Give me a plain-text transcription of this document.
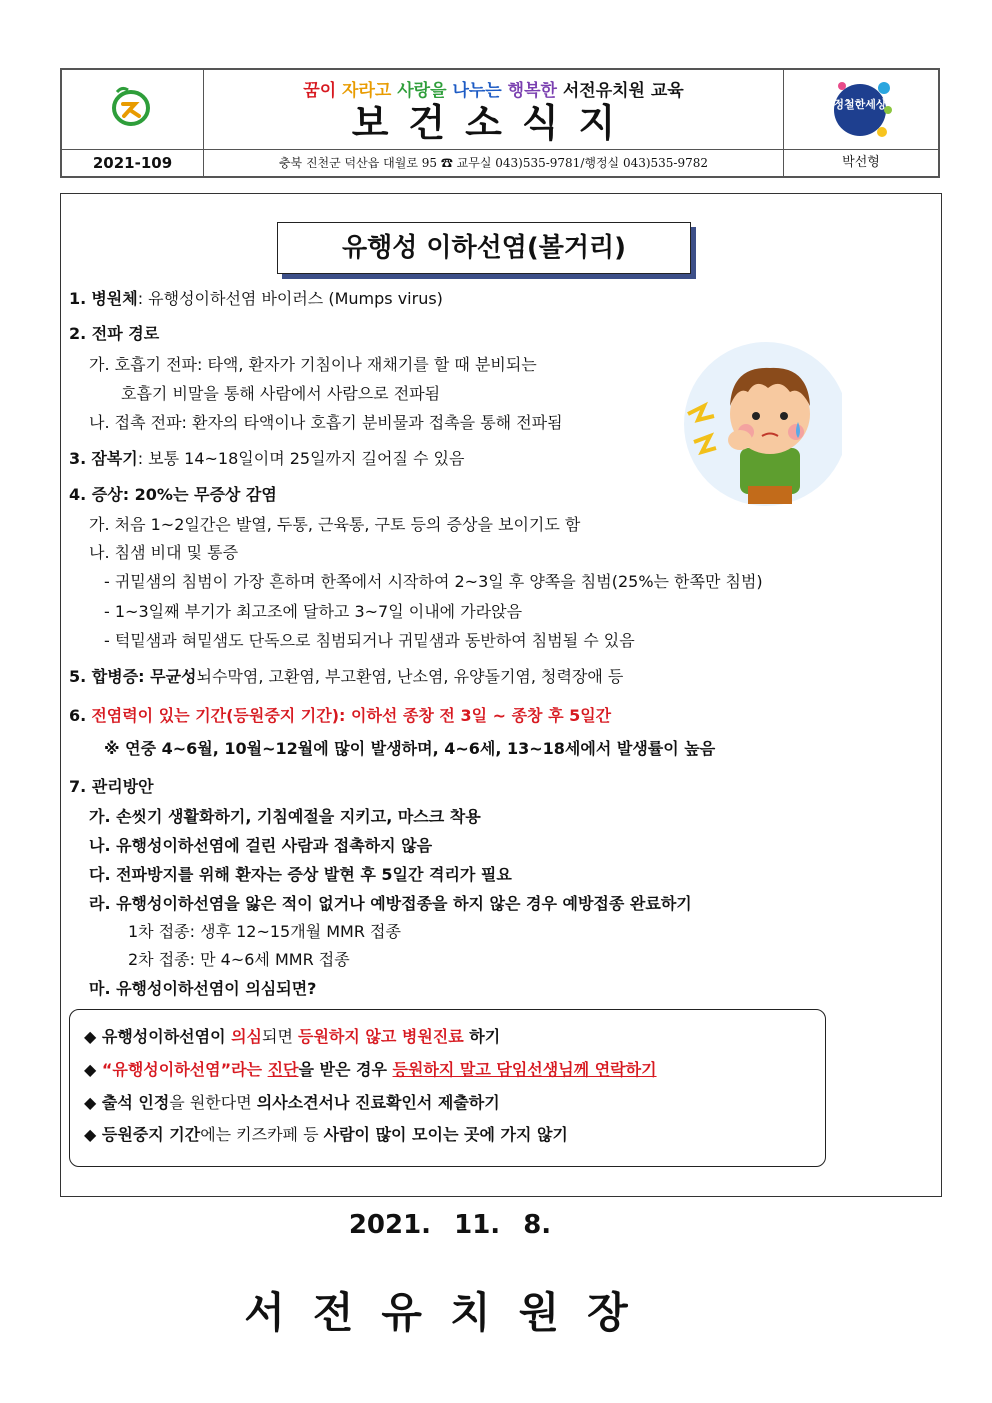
꿈이 자라고 사랑을 나누는 행복한 서전유치원 교육
보건소식지	정철한세상
2021-109	충북 진천군 덕산읍 대월로 95 ☎ 교무실 043)535-9781/행정실 043)535-9782	박선형
유행성 이하선염(볼거리)
1. 병원체: 유행성이하선염 바이러스 (Mumps virus)
2. 전파 경로
가. 호흡기 전파: 타액, 환자가 기침이나 재채기를 할 때 분비되는
호흡기 비말을 통해 사람에서 사람으로 전파됨
나. 접촉 전파: 환자의 타액이나 호흡기 분비물과 접촉을 통해 전파됨
3. 잠복기: 보통 14~18일이며 25일까지 길어질 수 있음
4. 증상: 20%는 무증상 감염
가. 처음 1~2일간은 발열, 두통, 근육통, 구토 등의 증상을 보이기도 함
나. 침샘 비대 및 통증
- 귀밑샘의 침범이 가장 흔하며 한쪽에서 시작하여 2~3일 후 양쪽을 침범(25%는 한쪽만 침범)
- 1~3일째 부기가 최고조에 달하고 3~7일 이내에 가라앉음
- 턱밑샘과 혀밑샘도 단독으로 침범되거나 귀밑샘과 동반하여 침범될 수 있음
5. 합병증: 무균성뇌수막염, 고환염, 부고환염, 난소염, 유양돌기염, 청력장애 등
6. 전염력이 있는 기간(등원중지 기간): 이하선 종창 전 3일 ~ 종창 후 5일간
※ 연중 4~6월, 10월~12월에 많이 발생하며, 4~6세, 13~18세에서 발생률이 높음
7. 관리방안
가. 손씻기 생활화하기, 기침예절을 지키고, 마스크 착용
나. 유행성이하선염에 걸린 사람과 접촉하지 않음
다. 전파방지를 위해 환자는 증상 발현 후 5일간 격리가 필요
라. 유행성이하선염을 앓은 적이 없거나 예방접종을 하지 않은 경우 예방접종 완료하기
1차 접종: 생후 12~15개월 MMR 접종
2차 접종: 만 4~6세 MMR 접종
마. 유행성이하선염이 의심되면?
◆ 유행성이하선염이 의심되면 등원하지 않고 병원진료 하기
◆ “유행성이하선염”라는 진단을 받은 경우 등원하지 말고 담임선생님께 연락하기
◆ 출석 인정을 원한다면 의사소견서나 진료확인서 제출하기
◆ 등원중지 기간에는 키즈카페 등 사람이 많이 모이는 곳에 가지 않기
2021. 11. 8.
서전유치원장
